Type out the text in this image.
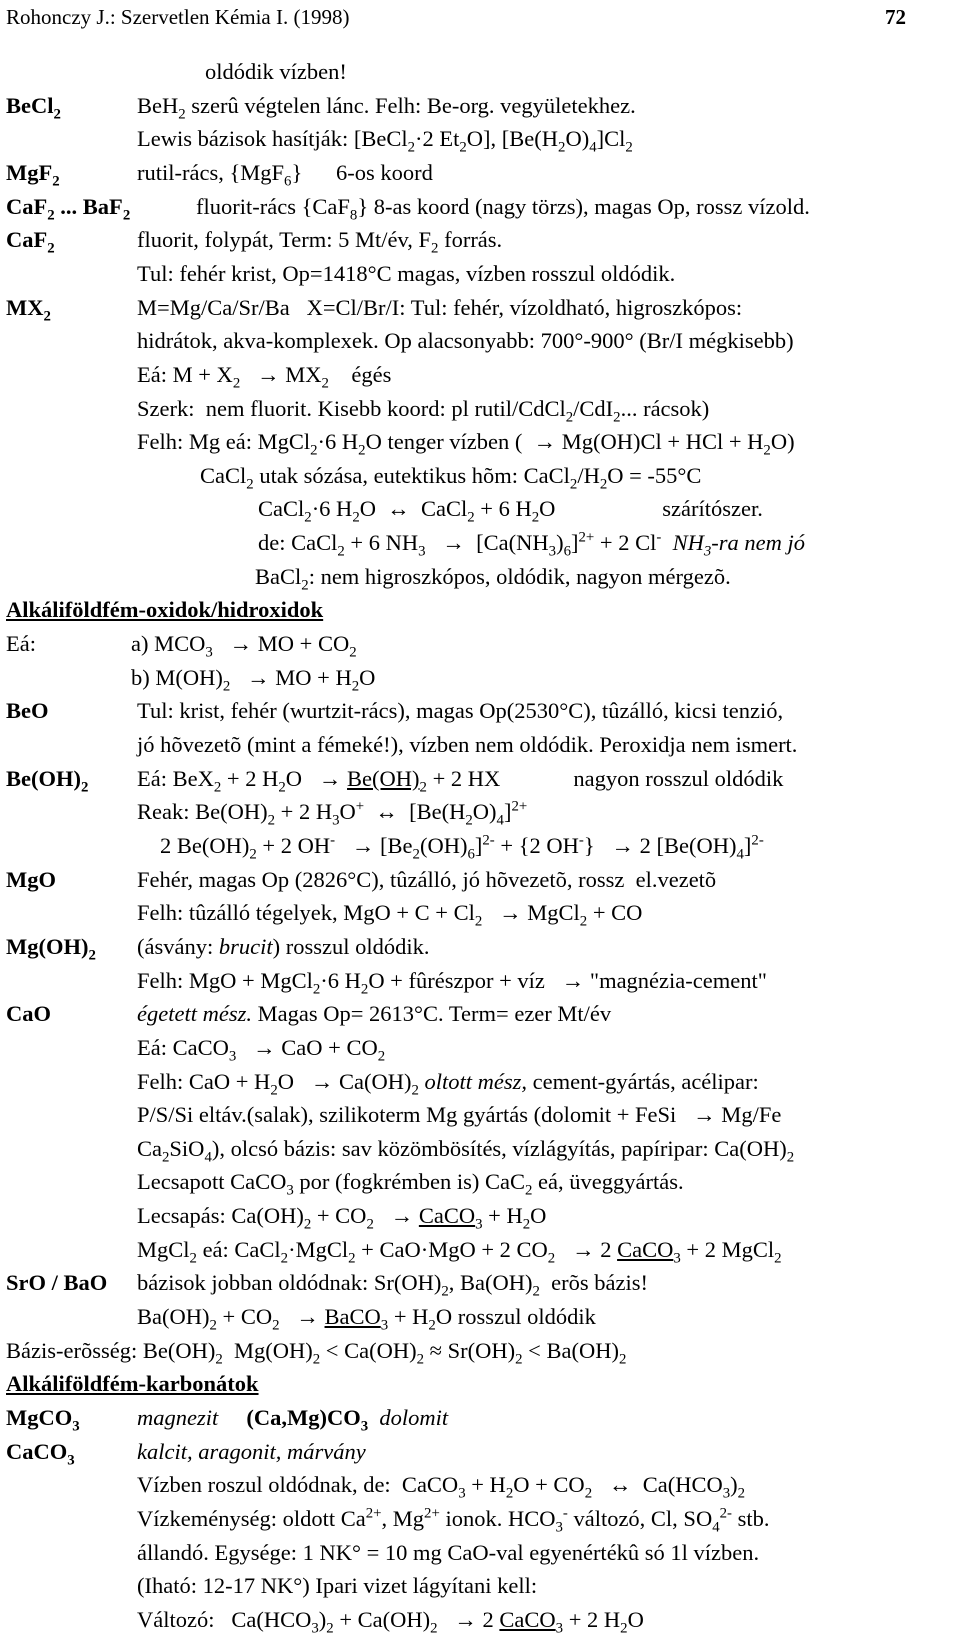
Rohonczy J.: Szervetlen Kémia I. (1998)	72
oldódik vízben!
BeCl$_2$	BeH$_2$ szerû végtelen lánc. Felh: Be-org. vegyületekhez.
Lewis bázisok hasítják: [BeCl$_2$·2 $Et_2O$], $[Be(H_2O)_4]Cl_2$
MgF$_2$	rutil-rács, {MgF$_6$}      6-os koord
CaF$_2$ ... BaF$_2$	fluorit-rács {CaF$_8$} 8-as koord (nagy törzs), magas Op, rossz vízold.
CaF$_2$	fluorit, folypát, Term: 5 Mt/év, $F_2$ forrás.
Tul: fehér krist, Op=1418°C magas, vízben rosszul oldódik.
$MX_2$	M=Mg/Ca/Sr/Ba   X=Cl/Br/I: Tul: fehér, vízoldható, higroszkópos:
hidrátok, akva-komplexek. Op alacsonyabb: 700°-900° (Br/I mégkisebb)
Eá: $M + X_2 \to MX_2$    égés
Szerk:  nem fluorit. Kisebb koord: pl rutil/CdCl$_2$/CdI$_2$... rácsok)
Felh: Mg eá: MgCl$_2$·6 $H_2O$ tenger vízben (  → Mg(OH)Cl + HCl + $H_2O$)
CaCl$_2$ utak sózása, eutektikus hõm: $CaCl_2/H_2O = -55^\circ C$
CaCl$_2$·6 $H_2O$  ↔  CaCl$_2$ + 6 $H_2O$                   szárítószer.
de: CaCl$_2$ + 6 $NH_3 \to [Ca(NH_3)_6]^{2+} + 2$ Cl- $NH_3-ra$ nem jó
BaCl$_2$: nem higroszkópos, oldódik, nagyon mérgezõ.
Alkáliföldfém-oxidok/hidroxidok
Eá:	a) $MCO_3$   → MO + $CO_2$
b) $M(OH)_2$   → MO + $H_2O$
BeO	Tul: krist, fehér (wurtzit-rács), magas Op(2530°C), tûzálló, kicsi tenzió,
jó hõvezetõ (mint a fémeké!), vízben nem oldódik. Peroxidja nem ismert.
$Be(OH)_2$ Eá: BeX$_2$ + 2 $H_2O \to Be(OH)_2 + 2$ HX             nagyon rosszul oldódik
Reak: $Be(OH)_2 + 2$ $H_3O^+$  ↔  $[Be(H_2O)_4]^{2+}$
2 $Be(OH)_2 + 2$ $OH^- \to [Be_2(OH)_6]^{2-} + \{2$ OH-}   → 2 $[Be(OH)_4]^{2-}$
MgO	Fehér, magas Op (2826°C), tûzálló, jó hõvezetõ, rossz  el.vezetõ
Felh: tûzálló tégelyek, MgO + $C + Cl_2$   → MgCl$_2$ + CO
$Mg(OH)_2$ (ásvány: brucit) rosszul oldódik.
Felh: MgO + MgCl$_2$·6 $H_2O$ + fûrészpor + víz   → "magnézia-cement"
CaO	égetett mész. Magas Op= 2613°C. Term= ezer Mt/év
Eá: CaCO$_3$   → CaO + $CO_2$
Felh: CaO + $H_2O \to Ca(OH)_2$ oltott mész, cement-gyártás, acélipar:
P/S/Si eltáv.(salak), szilikoterm Mg gyártás (dolomit + FeSi   → Mg/Fe
$Ca_2SiO_4$), olcsó bázis: sav közömbösítés, vízlágyítás, papíripar: $Ca(OH)_2$
Lecsapott CaCO$_3$ por (fogkrémben is) CaC$_2$ eá, üveggyártás.
Lecsapás: $Ca(OH)_2 + CO_2$   → CaCO$_3$ + $H_2O$
MgCl$_2$ eá: CaCl$_2$·MgCl$_2$ + CaO·MgO + 2 $CO_2 \to 2$ CaCO$_3$ + 2 MgCl$_2$
SrO / BaO bázisok jobban oldódnak: $Sr(OH)_2$, $Ba(OH)_2$  erõs bázis!
$Ba(OH)_2 + CO_2$   → BaCO$_3$ + $H_2O$ rosszul oldódik
Bázis-erõsség: $Be(OH)_2$  $Mg(OH)_2 < Ca(OH)_2 \approx Sr(OH)_2 < Ba(OH)_2$
Alkáliföldfém-karbonátok
MgCO$_3$	magnezit $(Ca,Mg)CO_3$ dolomit
CaCO$_3$	kalcit, aragonit, márvány
Vízben roszul oldódnak, de:  CaCO$_3$ + $H_2O + CO_2$   ↔  $Ca(HCO_3)_2$
Vízkeménység: oldott $Ca^{2+}$, $Mg^{2+}$ ionok. $HCO_3^-$ változó, Cl, $SO_4^{2-}$ stb.
állandó. Egysége: 1 NK° = 10 mg CaO-val egyenértékû só 1l vízben.
(Iható: 12-17 NK°) Ipari vizet lágyítani kell:
Változó:   $Ca(HCO_3)_2 + Ca(OH)_2 \to 2$ CaCO$_3$ + 2 $H_2O$
